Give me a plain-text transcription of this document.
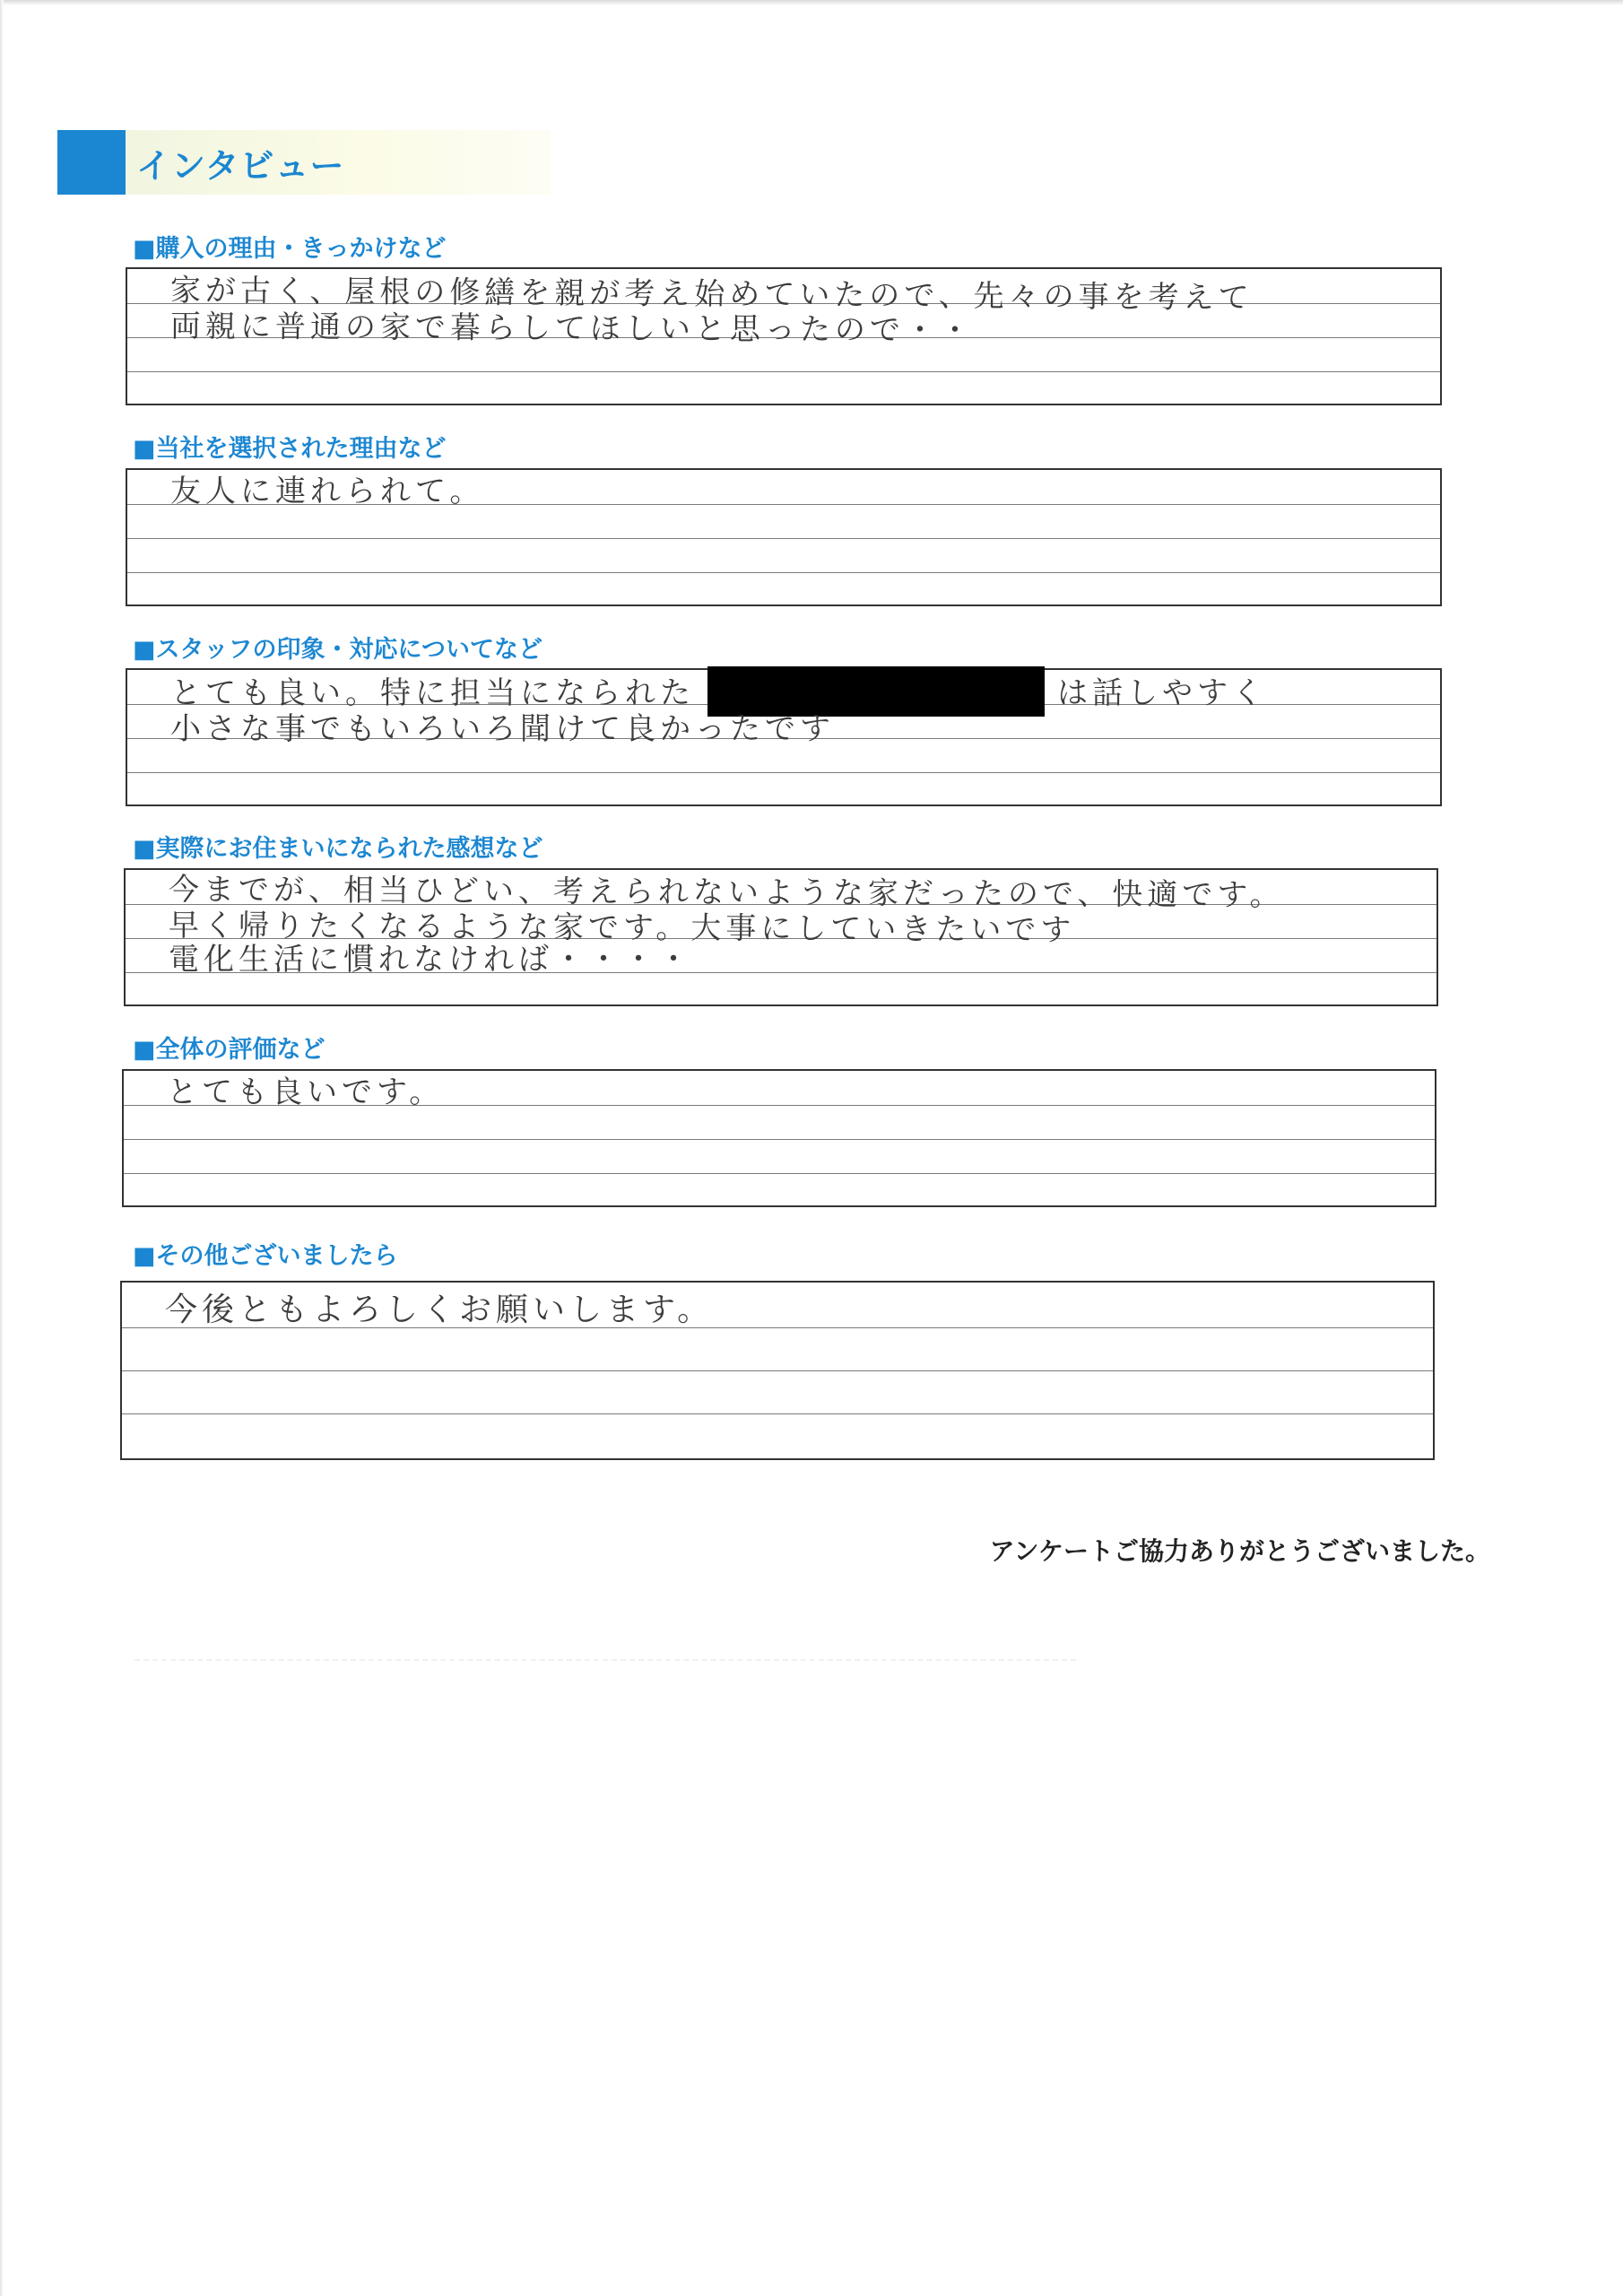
インタビュー
■購入の理由・きっかけなど
家が古く、屋根の修繕を親が考え始めていたので、先々の事を考えて
両親に普通の家で暮らしてほしいと思ったので・・
■当社を選択された理由など
友人に連れられて。
■スタッフの印象・対応についてなど
とても良い。特に担当になられた	は話しやすく
小さな事でもいろいろ聞けて良かったです
■実際にお住まいになられた感想など
今までが、相当ひどい、考えられないような家だったので、快適です。
早く帰りたくなるような家です。大事にしていきたいです
電化生活に慣れなければ・・・・
■全体の評価など
とても良いです。
■その他ございましたら
今後ともよろしくお願いします。
アンケートご協力ありがとうございました。
